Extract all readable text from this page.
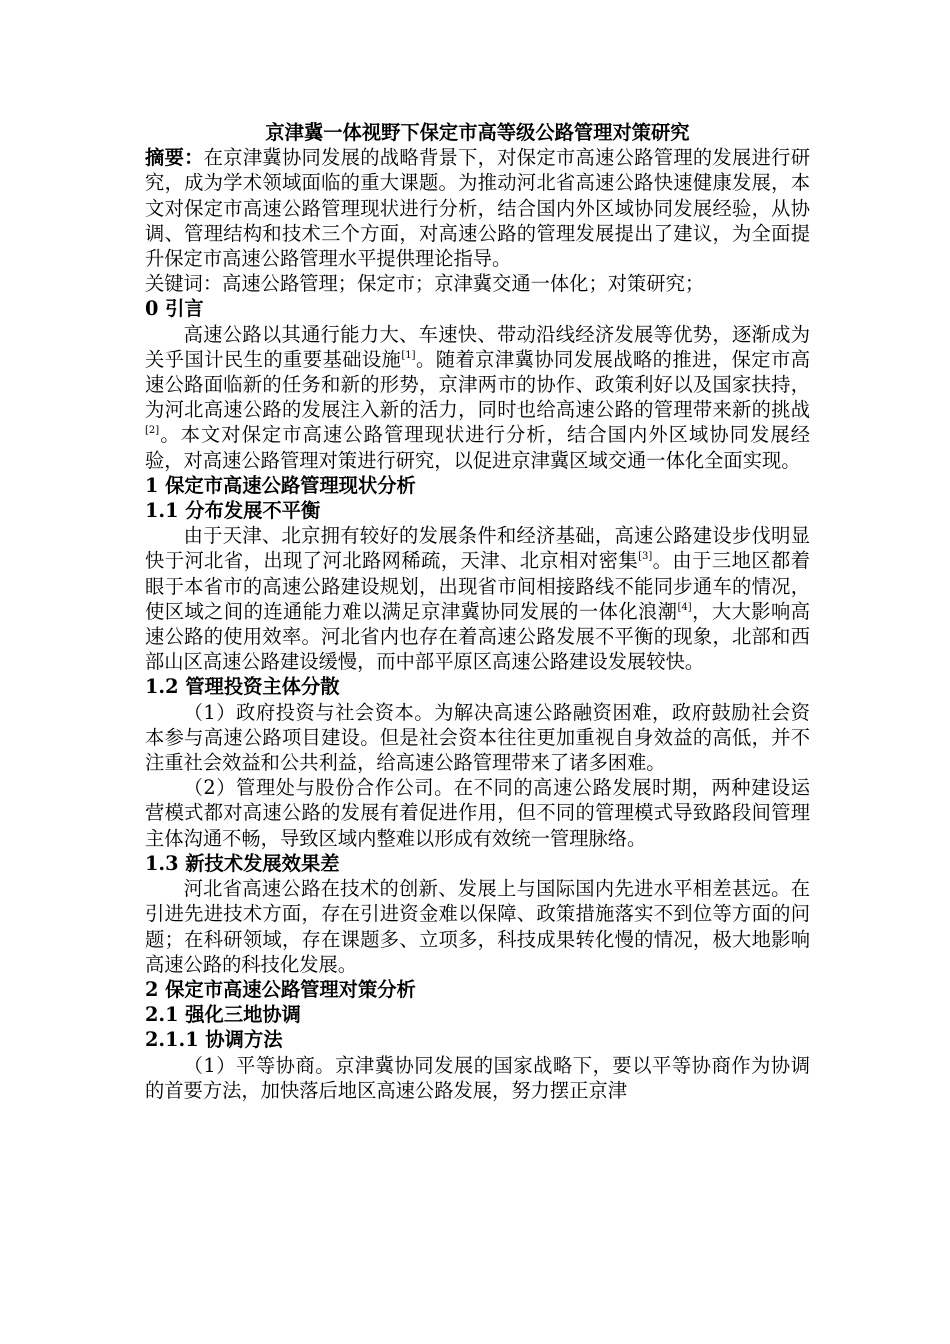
京津冀一体视野下保定市高等级公路管理对策研究

摘要：在京津冀协同发展的战略背景下，对保定市高速公路管理的发展进行研究，成为学术领域面临的重大课题。为推动河北省高速公路快速健康发展，本文对保定市高速公路管理现状进行分析，结合国内外区域协同发展经验，从协调、管理结构和技术三个方面，对高速公路的管理发展提出了建议，为全面提升保定市高速公路管理水平提供理论指导。

关键词：高速公路管理；保定市；京津冀交通一体化；对策研究；

0 引言

高速公路以其通行能力大、车速快、带动沿线经济发展等优势，逐渐成为关乎国计民生的重要基础设施[1]。随着京津冀协同发展战略的推进，保定市高速公路面临新的任务和新的形势，京津两市的协作、政策利好以及国家扶持，为河北高速公路的发展注入新的活力，同时也给高速公路的管理带来新的挑战[2]。本文对保定市高速公路管理现状进行分析，结合国内外区域协同发展经验，对高速公路管理对策进行研究，以促进京津冀区域交通一体化全面实现。

1 保定市高速公路管理现状分析

1.1 分布发展不平衡

由于天津、北京拥有较好的发展条件和经济基础，高速公路建设步伐明显快于河北省，出现了河北路网稀疏，天津、北京相对密集[3]。由于三地区都着眼于本省市的高速公路建设规划，出现省市间相接路线不能同步通车的情况，使区域之间的连通能力难以满足京津冀协同发展的一体化浪潮[4]，大大影响高速公路的使用效率。河北省内也存在着高速公路发展不平衡的现象，北部和西部山区高速公路建设缓慢，而中部平原区高速公路建设发展较快。

1.2 管理投资主体分散

（1）政府投资与社会资本。为解决高速公路融资困难，政府鼓励社会资本参与高速公路项目建设。但是社会资本往往更加重视自身效益的高低，并不注重社会效益和公共利益，给高速公路管理带来了诸多困难。

（2）管理处与股份合作公司。在不同的高速公路发展时期，两种建设运营模式都对高速公路的发展有着促进作用，但不同的管理模式导致路段间管理主体沟通不畅，导致区域内整难以形成有效统一管理脉络。

1.3 新技术发展效果差

河北省高速公路在技术的创新、发展上与国际国内先进水平相差甚远。在引进先进技术方面，存在引进资金难以保障、政策措施落实不到位等方面的问题；在科研领域，存在课题多、立项多，科技成果转化慢的情况，极大地影响高速公路的科技化发展。

2 保定市高速公路管理对策分析

2.1 强化三地协调

2.1.1 协调方法

（1）平等协商。京津冀协同发展的国家战略下，要以平等协商作为协调的首要方法，加快落后地区高速公路发展，努力摆正京津
